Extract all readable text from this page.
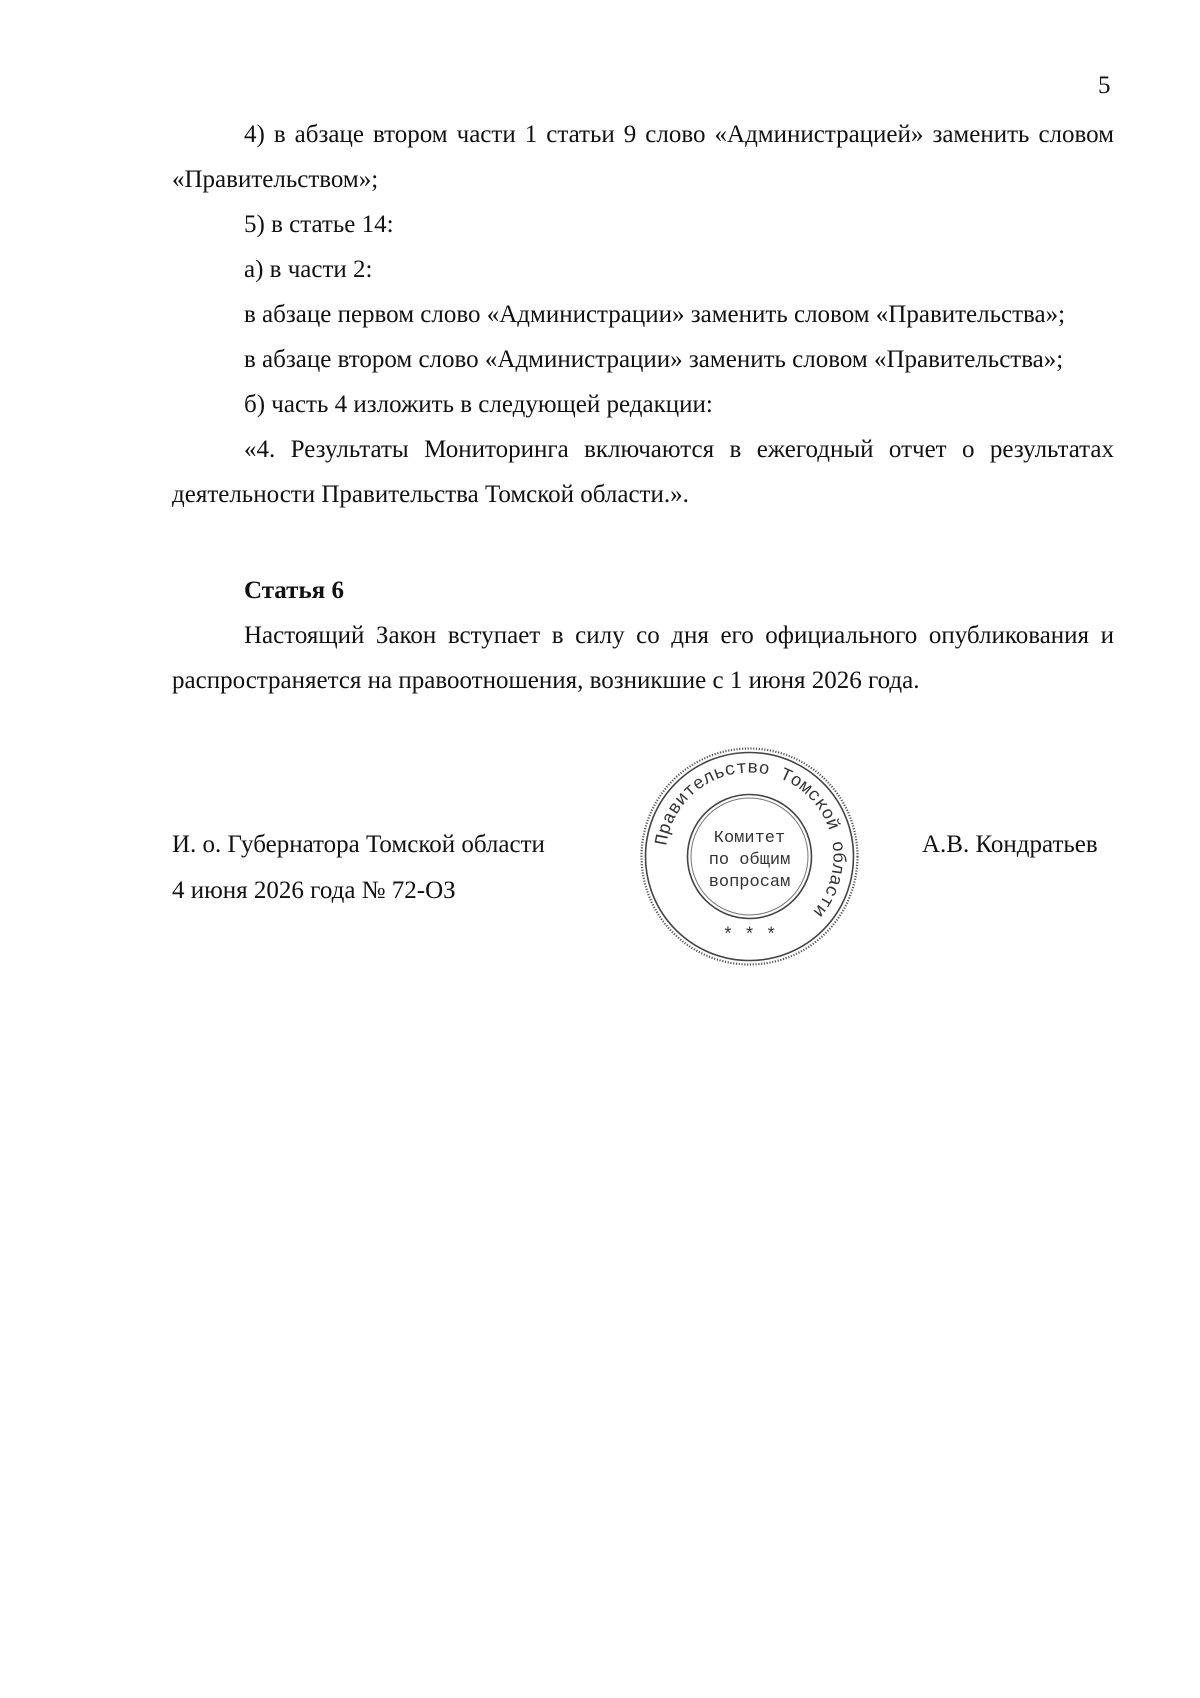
5

4) в абзаце втором части 1 статьи 9 слово «Администрацией» заменить словом «Правительством»;

5) в статье 14:

а) в части 2:

в абзаце первом слово «Администрации» заменить словом «Правительства»;

в абзаце втором слово «Администрации» заменить словом «Правительства»;

б) часть 4 изложить в следующей редакции:

«4. Результаты Мониторинга включаются в ежегодный отчет о результатах деятельности Правительства Томской области.».

Статья 6

Настоящий Закон вступает в силу со дня его официального опубликования и распространяется на правоотношения, возникшие с 1 июня 2026 года.

И. о. Губернатора Томской области
4 июня 2026 года № 72-ОЗ
А.В. Кондратьев
Правительство Томской области
Комитет
по общим
вопросам
* * *
